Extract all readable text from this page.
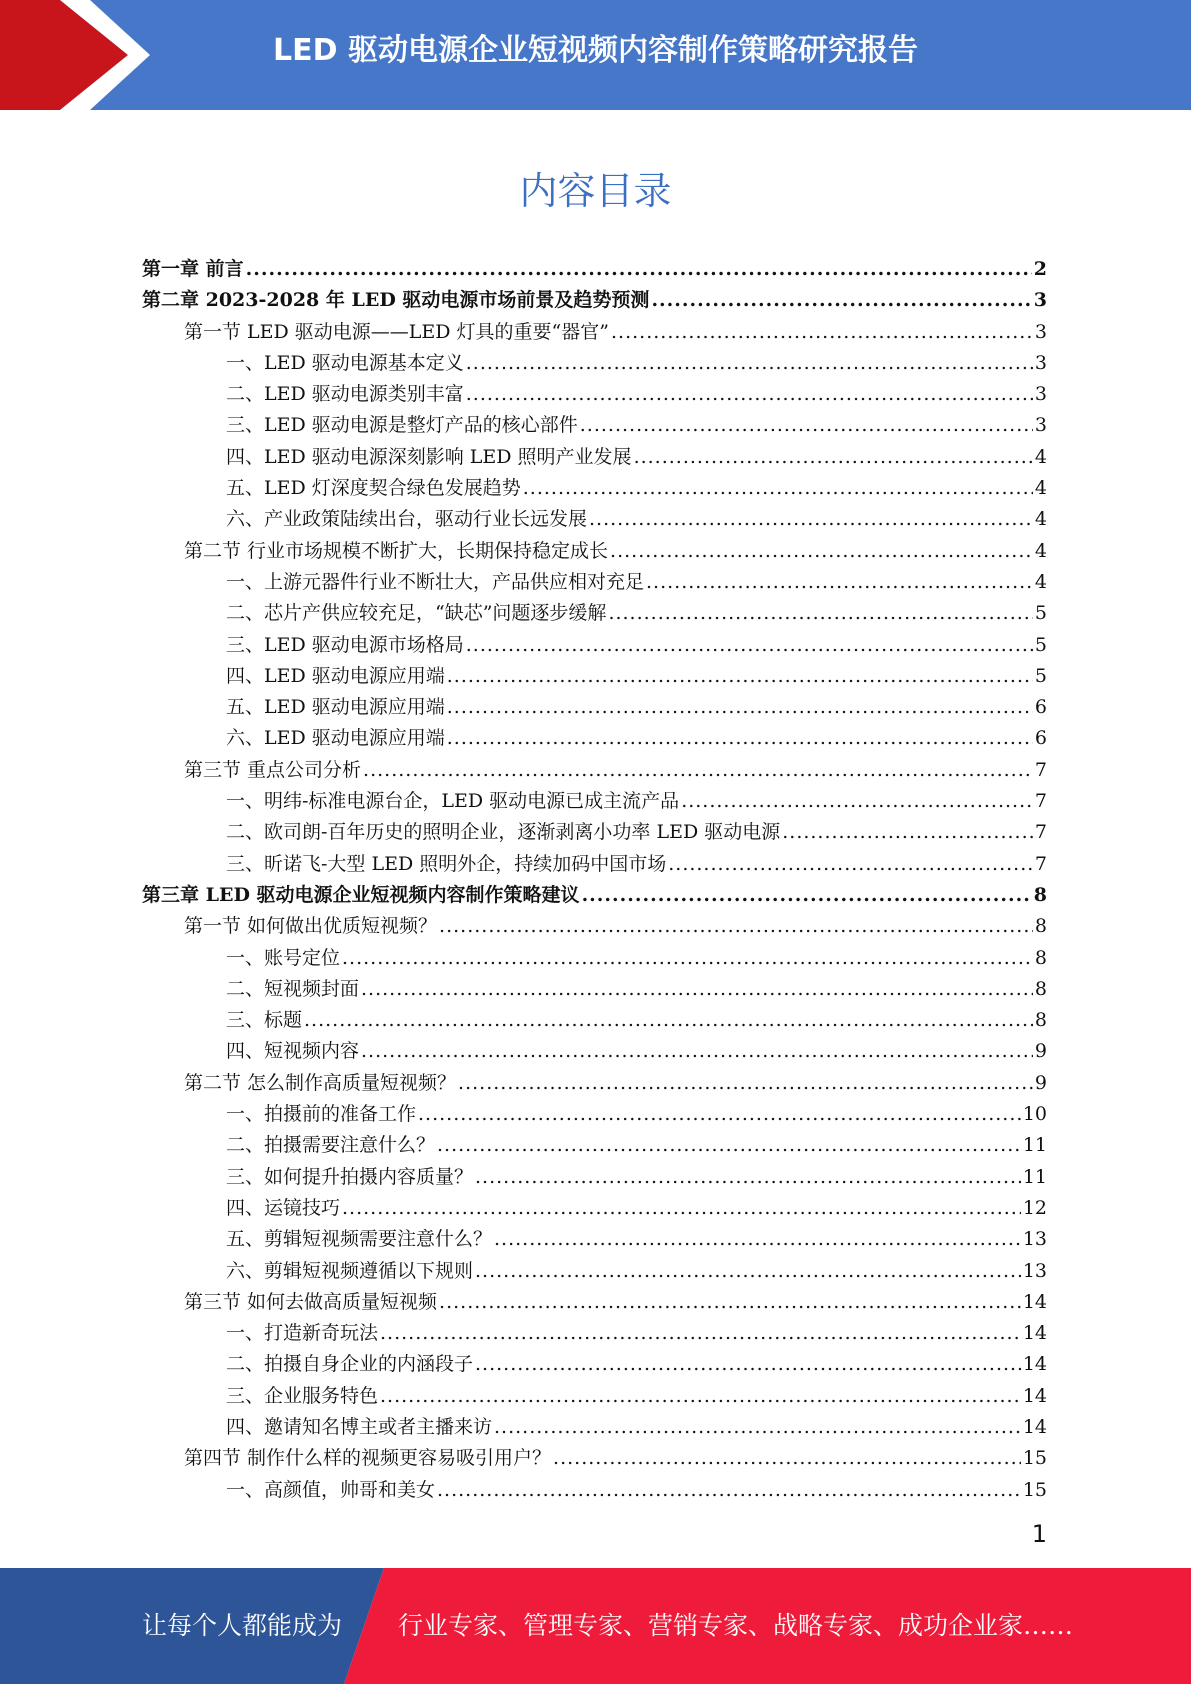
LED 驱动电源企业短视频内容制作策略研究报告
内容目录
第一章 前言 .....	2
第二章 2023-2028 年 LED 驱动电源市场前景及趋势预测 .....	3
第一节 LED 驱动电源——LED 灯具的重要“器官” .....	3
一、LED 驱动电源基本定义 .....	3
二、LED 驱动电源类别丰富 .....	3
三、LED 驱动电源是整灯产品的核心部件 .....	3
四、LED 驱动电源深刻影响 LED 照明产业发展 .....	4
五、LED 灯深度契合绿色发展趋势 .....	4
六、产业政策陆续出台，驱动行业长远发展 .....	4
第二节 行业市场规模不断扩大，长期保持稳定成长 .....	4
一、上游元器件行业不断壮大，产品供应相对充足 .....	4
二、芯片产供应较充足，“缺芯”问题逐步缓解 .....	5
三、LED 驱动电源市场格局 .....	5
四、LED 驱动电源应用端 .....	5
五、LED 驱动电源应用端 .....	6
六、LED 驱动电源应用端 .....	6
第三节 重点公司分析 .....	7
一、明纬-标准电源台企，LED 驱动电源已成主流产品 .....	7
二、欧司朗-百年历史的照明企业，逐渐剥离小功率 LED 驱动电源 .....	7
三、昕诺飞-大型 LED 照明外企，持续加码中国市场 .....	7
第三章 LED 驱动电源企业短视频内容制作策略建议 .....	8
第一节 如何做出优质短视频？ .....	8
一、账号定位 .....	8
二、短视频封面 .....	8
三、标题 .....	8
四、短视频内容 .....	9
第二节 怎么制作高质量短视频？ .....	9
一、拍摄前的准备工作 .....	10
二、拍摄需要注意什么？ .....	11
三、如何提升拍摄内容质量？ .....	11
四、运镜技巧 .....	12
五、剪辑短视频需要注意什么？ .....	13
六、剪辑短视频遵循以下规则 .....	13
第三节 如何去做高质量短视频 .....	14
一、打造新奇玩法 .....	14
二、拍摄自身企业的内涵段子 .....	14
三、企业服务特色 .....	14
四、邀请知名博主或者主播来访 .....	14
第四节 制作什么样的视频更容易吸引用户？ .....	15
一、高颜值，帅哥和美女 .....	15
1
让每个人都能成为 行业专家、管理专家、营销专家、战略专家、成功企业家……
